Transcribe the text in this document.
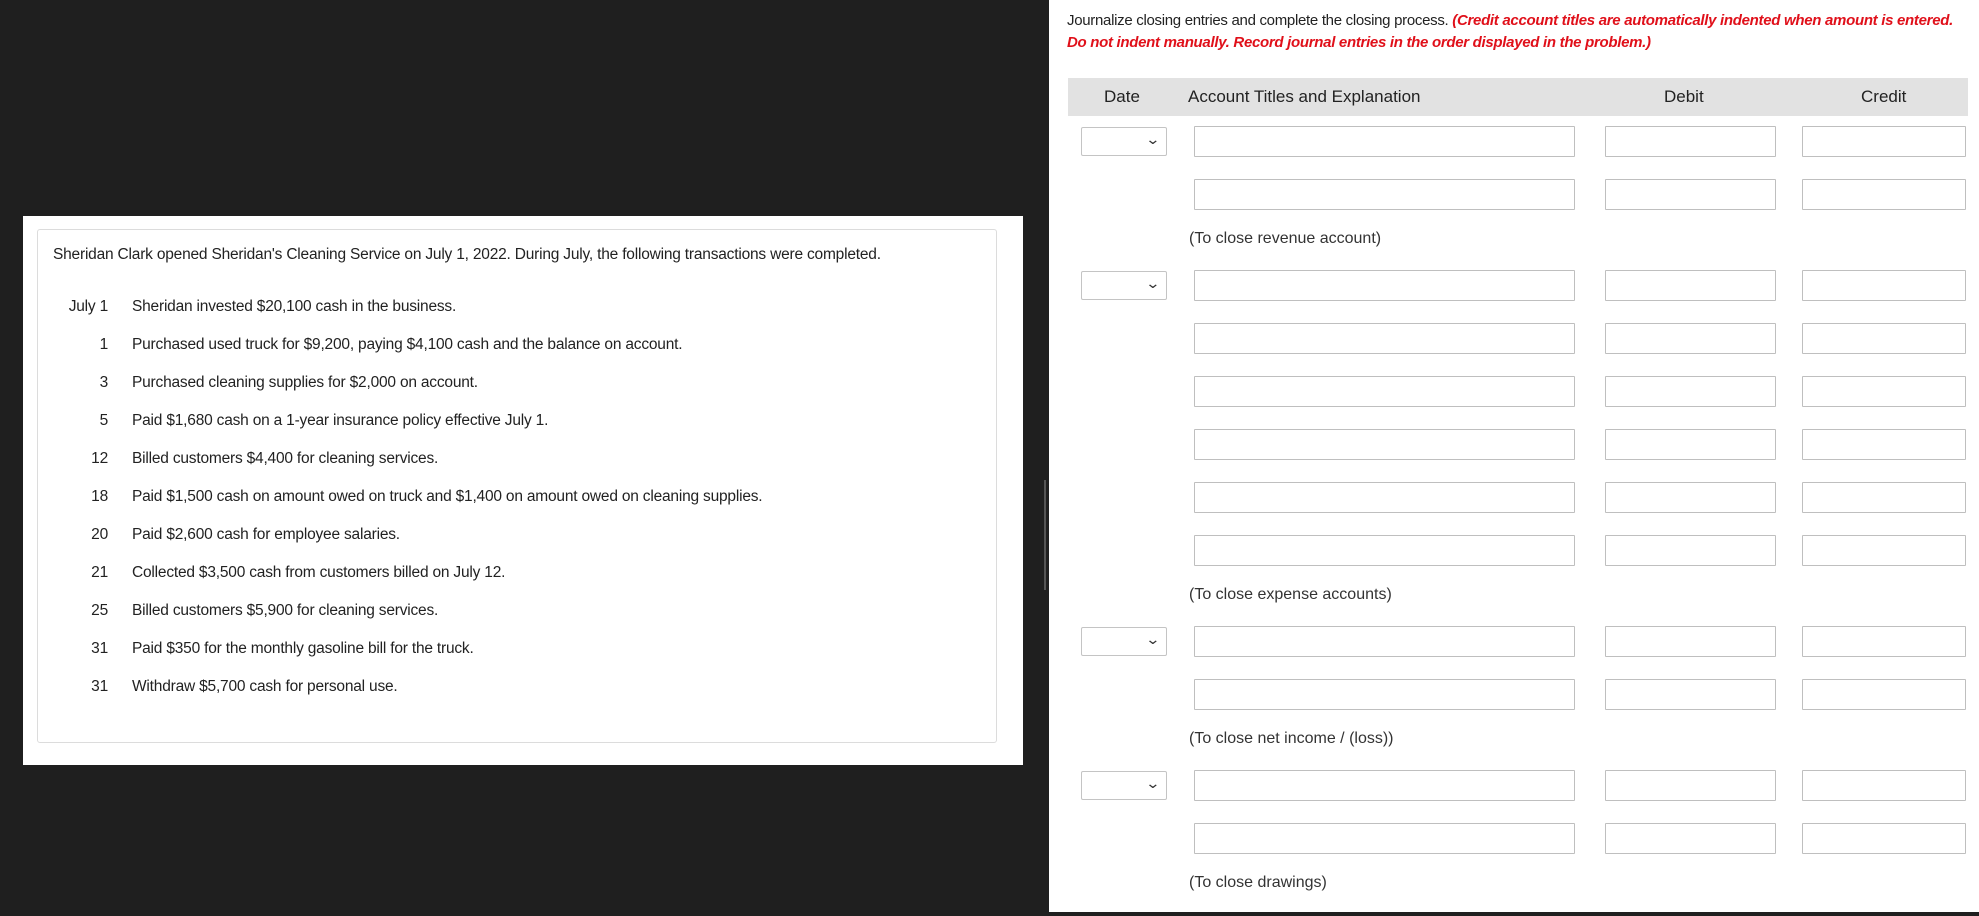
Sheridan Clark opened Sheridan's Cleaning Service on July 1, 2022. During July, the following transactions were completed.
July 1 Sheridan invested $20,100 cash in the business.
1 Purchased used truck for $9,200, paying $4,100 cash and the balance on account.
3 Purchased cleaning supplies for $2,000 on account.
5 Paid $1,680 cash on a 1-year insurance policy effective July 1.
12 Billed customers $4,400 for cleaning services.
18 Paid $1,500 cash on amount owed on truck and $1,400 on amount owed on cleaning supplies.
20 Paid $2,600 cash for employee salaries.
21 Collected $3,500 cash from customers billed on July 12.
25 Billed customers $5,900 for cleaning services.
31 Paid $350 for the monthly gasoline bill for the truck.
31 Withdraw $5,700 cash for personal use.
Journalize closing entries and complete the closing process. (Credit account titles are automatically indented when amount is entered. Do not indent manually. Record journal entries in the order displayed in the problem.)
Date	Account Titles and Explanation	Debit	Credit
⌄
(To close revenue account)
⌄
(To close expense accounts)
⌄
(To close net income / (loss))
⌄
(To close drawings)
